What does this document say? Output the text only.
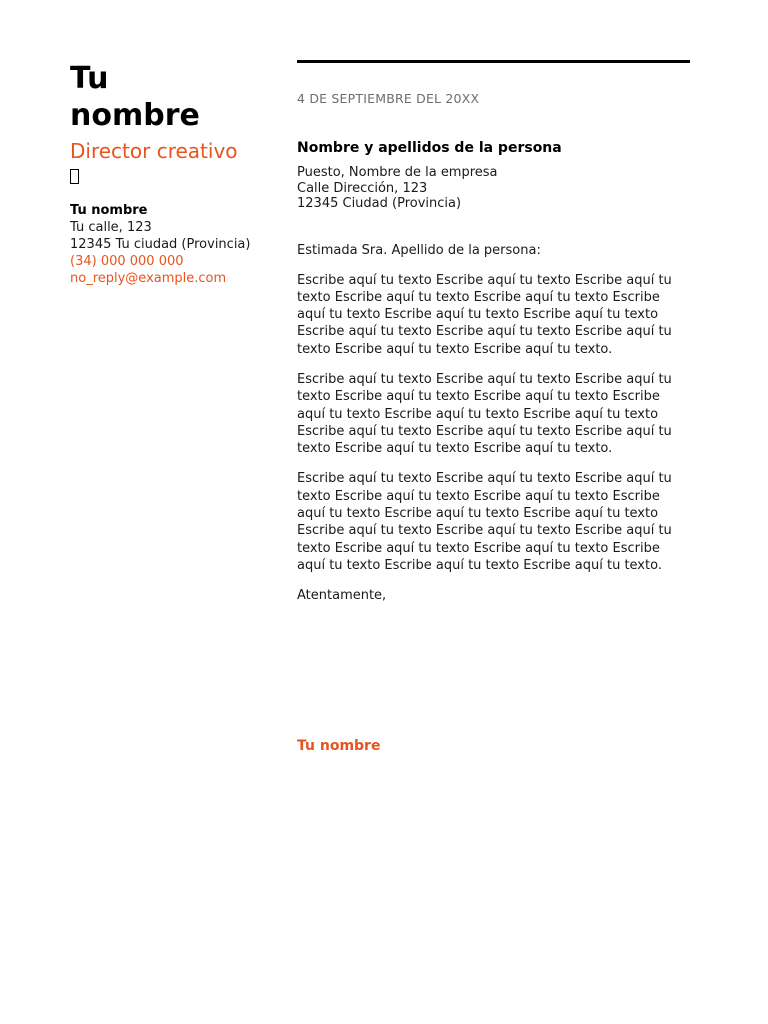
Tu
nombre
Director creativo
Tu nombre
Tu calle, 123
12345 Tu ciudad (Provincia)
(34) 000 000 000
no_reply@example.com
4 DE SEPTIEMBRE DEL 20XX
Nombre y apellidos de la persona
Puesto, Nombre de la empresa
Calle Dirección, 123
12345 Ciudad (Provincia)
Estimada Sra. Apellido de la persona:
Escribe aquí tu texto Escribe aquí tu texto Escribe aquí tu texto Escribe aquí tu texto Escribe aquí tu texto Escribe aquí tu texto Escribe aquí tu texto Escribe aquí tu texto Escribe aquí tu texto Escribe aquí tu texto Escribe aquí tu texto Escribe aquí tu texto Escribe aquí tu texto.
Escribe aquí tu texto Escribe aquí tu texto Escribe aquí tu texto Escribe aquí tu texto Escribe aquí tu texto Escribe aquí tu texto Escribe aquí tu texto Escribe aquí tu texto Escribe aquí tu texto Escribe aquí tu texto Escribe aquí tu texto Escribe aquí tu texto Escribe aquí tu texto.
Escribe aquí tu texto Escribe aquí tu texto Escribe aquí tu texto Escribe aquí tu texto Escribe aquí tu texto Escribe aquí tu texto Escribe aquí tu texto Escribe aquí tu texto Escribe aquí tu texto Escribe aquí tu texto Escribe aquí tu texto Escribe aquí tu texto Escribe aquí tu texto Escribe aquí tu texto Escribe aquí tu texto Escribe aquí tu texto.
Atentamente,
Tu nombre
